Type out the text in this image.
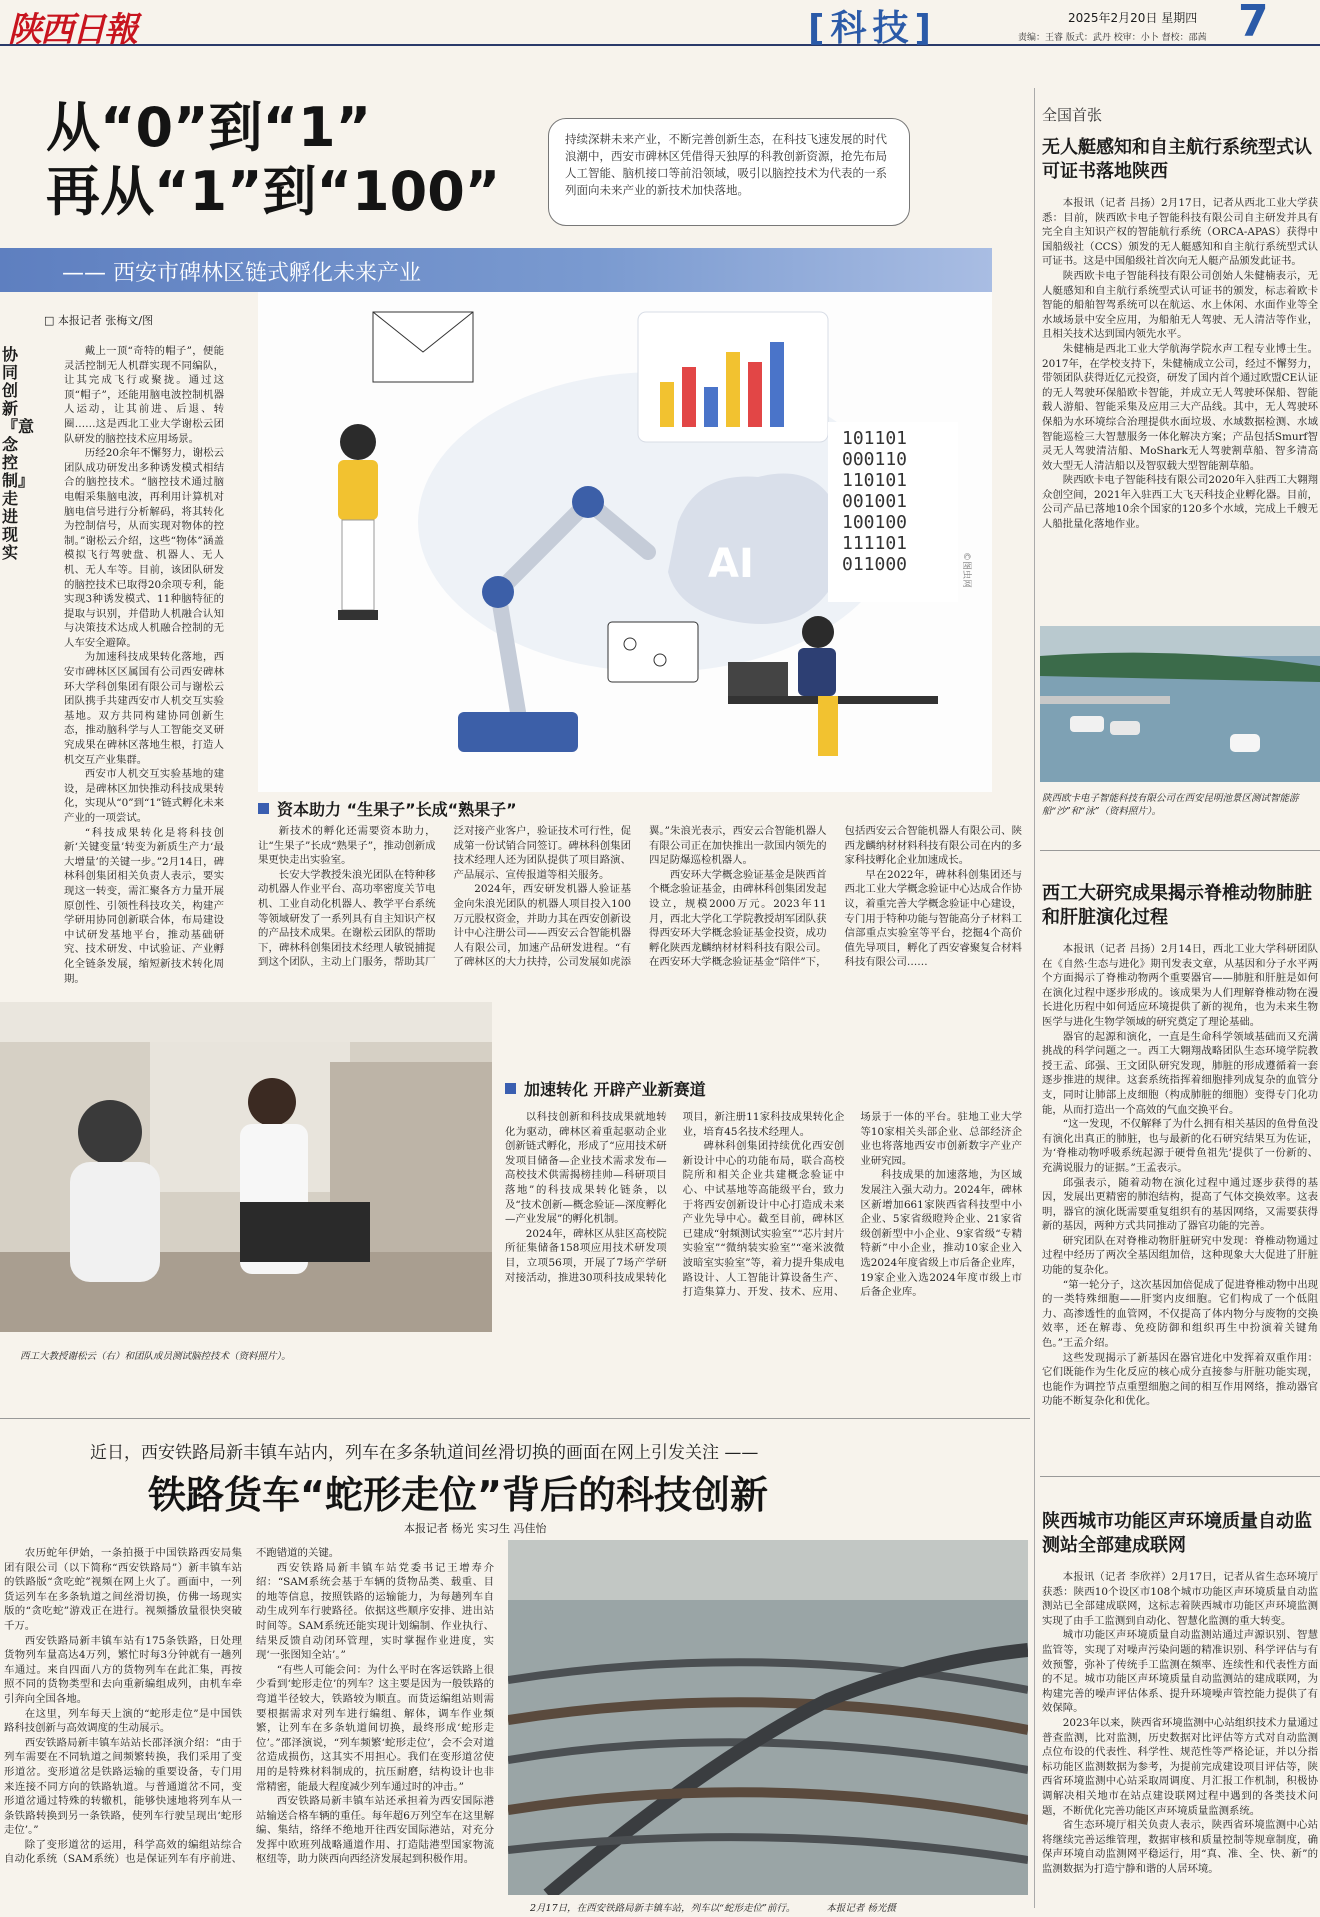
陕西日報	[科技]	2025年2月20日 星期四
责编：王睿 版式：武丹 校审：小卜 督校：邵茜 7
从“0”到“1”
再从“1”到“100”
持续深耕未来产业，不断完善创新生态，在科技飞速发展的时代浪潮中，西安市碑林区凭借得天独厚的科教创新资源，抢先布局人工智能、脑机接口等前沿领域，吸引以脑控技术为代表的一系列面向未来产业的新技术加快落地。
—— 西安市碑林区链式孵化未来产业
AI
101101
000110
110101
001001
100100
111101
011000	©图虫网
□ 本报记者 张梅文/图
协同创新 『意念控制』走进现实

戴上一顶“奇特的帽子”，便能灵活控制无人机群实现不同编队，让其完成飞行或聚拢。通过这顶“帽子”，还能用脑电波控制机器人运动，让其前进、后退、转圈……这是西北工业大学谢松云团队研发的脑控技术应用场景。

历经20余年不懈努力，谢松云团队成功研发出多种诱发模式相结合的脑控技术。“脑控技术通过脑电帽采集脑电波，再利用计算机对脑电信号进行分析解码，将其转化为控制信号，从而实现对物体的控制。”谢松云介绍，这些“物体”涵盖模拟飞行驾驶盘、机器人、无人机、无人车等。目前，该团队研发的脑控技术已取得20余项专利，能实现3种诱发模式、11种脑特征的提取与识别，并借助人机融合认知与决策技术达成人机融合控制的无人车安全避障。

为加速科技成果转化落地，西安市碑林区区属国有公司西安碑林环大学科创集团有限公司与谢松云团队携手共建西安市人机交互实验基地。双方共同构建协同创新生态，推动脑科学与人工智能交叉研究成果在碑林区落地生根，打造人机交互产业集群。

西安市人机交互实验基地的建设，是碑林区加快推动科技成果转化，实现从“0”到“1”链式孵化未来产业的一项尝试。

“科技成果转化是将科技创新‘关键变量’转变为新质生产力‘最大增量’的关键一步。”2月14日，碑林科创集团相关负责人表示，要实现这一转变，需汇聚各方力量开展原创性、引领性科技攻关，构建产学研用协同创新联合体，布局建设中试研发基地平台，推动基础研究、技术研发、中试验证、产业孵化全链条发展，缩短新技术转化周期。

资本助力 “生果子”长成“熟果子”

新技术的孵化还需要资本助力，让“生果子”长成“熟果子”，推动创新成果更快走出实验室。

长安大学教授朱浪光团队在特种移动机器人作业平台、高功率密度关节电机、工业自动化机器人、教学平台系统等领域研发了一系列具有自主知识产权的产品技术成果。在谢松云团队的帮助下，碑林科创集团技术经理人敏锐捕捉到这个团队，主动上门服务，帮助其厂泛对接产业客户，验证技术可行性，促成第一份试销合同签订。碑林科创集团技术经理人还为团队提供了项目路演、产品展示、宣传报道等相关服务。

2024年，西安研发机器人验证基金向朱浪光团队的机器人项目投入100万元股权资金，并助力其在西安创新设计中心注册公司——西安云合智能机器人有限公司，加速产品研发进程。“有了碑林区的大力扶持，公司发展如虎添翼。”朱浪光表示，西安云合智能机器人有限公司正在加快推出一款国内领先的四足防爆巡检机器人。

西安环大学概念验证基金是陕西首个概念验证基金，由碑林科创集团发起设立，规模2000万元。2023年11月，西北大学化工学院教授胡军团队获得西安环大学概念验证基金投资，成功孵化陕西龙麟纳材材料科技有限公司。在西安环大学概念验证基金“陪伴”下，包括西安云合智能机器人有限公司、陕西龙麟纳材材料科技有限公司在内的多家科技孵化企业加速成长。

早在2022年，碑林科创集团还与西北工业大学概念验证中心达成合作协议，着重完善大学概念验证中心建设，专门用于特种功能与智能高分子材料工信部重点实验室等平台，挖掘4个高价值先导项目，孵化了西安睿聚复合材料科技有限公司……

西工大教授谢松云（右）和团队成员测试脑控技术（资料照片）。
加速转化 开辟产业新赛道

以科技创新和科技成果就地转化为驱动，碑林区着重起驱动企业创新链式孵化，形成了“应用技术研发项目储备—企业技术需求发布—高校技术供需揭榜挂帅—科研项目落地”的科技成果转化链条，以及“技术创新—概念验证—深度孵化—产业发展”的孵化机制。

2024年，碑林区从驻区高校院所征集储备158项应用技术研发项目，立项56项，开展了7场产学研对接活动，推进30项科技成果转化项目，新注册11家科技成果转化企业，培育45名技术经理人。

碑林科创集团持续优化西安创新设计中心的功能布局，联合高校院所和相关企业共建概念验证中心、中试基地等高能级平台，致力于将西安创新设计中心打造成未来产业先导中心。截至目前，碑林区已建成“射频测试实验室”“芯片封片实验室”“微纳装实验室”“毫米波微波暗室实验室”等，着力提升集成电路设计、人工智能计算设备生产、打造集算力、开发、技术、应用、场景于一体的平台。驻地工业大学等10家相关头部企业、总部经济企业也将落地西安市创新数字产业产业研究园。

科技成果的加速落地，为区域发展注入强大动力。2024年，碑林区新增加661家陕西省科技型中小企业、5家省级瞪羚企业、21家省级创新型中小企业、9家省级“专精特新”中小企业，推动10家企业入选2024年度省级上市后备企业库，19家企业入选2024年度市级上市后备企业库。

近日，西安铁路局新丰镇车站内，列车在多条轨道间丝滑切换的画面在网上引发关注 ——
铁路货车“蛇形走位”背后的科技创新
本报记者 杨光 实习生 冯佳怡

农历蛇年伊始，一条拍摄于中国铁路西安局集团有限公司（以下简称“西安铁路局”）新丰镇车站的铁路版“贪吃蛇”视频在网上火了。画面中，一列货运列车在多条轨道之间丝滑切换，仿佛一场现实版的“贪吃蛇”游戏正在进行。视频播放量很快突破千万。

西安铁路局新丰镇车站有175条铁路，日处理货物列车量高达4万列，繁忙时每3分钟就有一趟列车通过。来自四面八方的货物列车在此汇集，再按照不同的货物类型和去向重新编组成列，由机车牵引奔向全国各地。

在这里，列车每天上演的“蛇形走位”是中国铁路科技创新与高效调度的生动展示。

西安铁路局新丰镇车站站长邵泽演介绍：“由于列车需要在不同轨道之间频繁转换，我们采用了变形道岔。变形道岔是铁路运输的重要设备，专门用来连接不同方向的铁路轨道。与普通道岔不同，变形道岔通过特殊的转辙机，能够快速地将列车从一条铁路转换到另一条铁路，使列车行驶呈现出‘蛇形走位’。”

除了变形道岔的运用，科学高效的编组站综合自动化系统（SAM系统）也是保证列车有序前进、不跑错道的关键。

西安铁路局新丰镇车站党委书记王增寿介绍：“SAM系统会基于车辆的货物品类、载重、目的地等信息，按照铁路的运输能力，为每趟列车自动生成列车行驶路径。依据这些顺序安排、进出站时间等。SAM系统还能实现计划编制、作业执行、结果反馈自动闭环管理，实时掌握作业进度，实现‘一张图知全站’。”

“有些人可能会问：为什么平时在客运铁路上很少看到‘蛇形走位’的列车？这主要是因为一般铁路的弯道半径较大，铁路较为顺直。而货运编组站则需要根据需求对列车进行编组、解体，调车作业频繁，让列车在多条轨道间切换，最终形成‘蛇形走位’。”邵泽演说，“列车频繁‘蛇形走位’，会不会对道岔造成损伤，这其实不用担心。我们在变形道岔使用的是特殊材料制成的，抗压耐磨，结构设计也非常精密，能最大程度减少列车通过时的冲击。”

西安铁路局新丰镇车站还承担着为西安国际港站输送合格车辆的重任。每年超6万列空车在这里解编、集结，络绎不绝地开往西安国际港站，对充分发挥中欧班列战略通道作用、打造陆港型国家物流枢纽等，助力陕西向西经济发展起到积极作用。

2月17日，在西安铁路局新丰镇车站，列车以“蛇形走位”前行。	本报记者 杨光摄
全国首张
无人艇感知和自主航行系统型式认可证书落地陕西

本报讯（记者 吕扬）2月17日，记者从西北工业大学获悉：目前，陕西欧卡电子智能科技有限公司自主研发并具有完全自主知识产权的智能航行系统（ORCA-APAS）获得中国船级社（CCS）颁发的无人艇感知和自主航行系统型式认可证书。这是中国船级社首次向无人艇产品颁发此证书。

陕西欧卡电子智能科技有限公司创始人朱健楠表示，无人艇感知和自主航行系统型式认可证书的颁发，标志着欧卡智能的船舶智驾系统可以在航运、水上休闲、水面作业等全水域场景中安全应用，为船舶无人驾驶、无人清洁等作业，且相关技术达到国内领先水平。

朱健楠是西北工业大学航海学院水声工程专业博士生。2017年，在学校支持下，朱健楠成立公司，经过不懈努力，带领团队获得近亿元投资，研发了国内首个通过欧盟CE认证的无人驾驶环保船欧卡智能，并成立无人驾驶环保船、智能载人游船、智能采集及应用三大产品线。其中，无人驾驶环保船为水环境综合治理提供水面垃圾、水域数据检测、水域智能巡检三大智慧服务一体化解决方案；产品包括Smurf智灵无人驾驶清洁船、MoShark无人驾驶割草船、智多清高效大型无人清洁船以及智驭载大型智能割草船。

陕西欧卡电子智能科技有限公司2020年入驻西工大翱翔众创空间，2021年入驻西工大飞天科技企业孵化器。目前，公司产品已落地10余个国家的120多个水域，完成上千艘无人船批量化落地作业。

陕西欧卡电子智能科技有限公司在西安昆明池景区测试智能游船“沙”和“泳”（资料照片）。
西工大研究成果揭示脊椎动物肺脏和肝脏演化过程

本报讯（记者 吕扬）2月14日，西北工业大学科研团队在《自然·生态与进化》期刊发表文章，从基因和分子水平两个方面揭示了脊椎动物两个重要器官——肺脏和肝脏是如何在演化过程中逐步形成的。该成果为人们理解脊椎动物在漫长进化历程中如何适应环境提供了新的视角，也为未来生物医学与进化生物学领域的研究奠定了理论基础。

器官的起源和演化，一直是生命科学领域基础而又充满挑战的科学问题之一。西工大翱翔战略团队生态环境学院教授王孟、邱强、王文团队研究发现，肺脏的形成遵循着一套逐步推进的规律。这套系统指挥着细胞排列成复杂的血管分支，同时让肺部上皮细胞（构成肺脏的细胞）变得专门化功能，从而打造出一个高效的气血交换平台。

“这一发现，不仅解释了为什么拥有相关基因的鱼骨鱼没有演化出真正的肺脏，也与最新的化石研究结果互为佐证，为‘脊椎动物呼吸系统起源于硬骨鱼祖先’提供了一份新的、充满说服力的证据。”王孟表示。

邱强表示，随着动物在演化过程中通过逐步获得的基因，发展出更精密的肺泡结构，提高了气体交换效率。这表明，器官的演化既需要重复组织有的基因网络，又需要获得新的基因，两种方式共同推动了器官功能的完善。

研究团队在对脊椎动物肝脏研究中发现：脊椎动物通过过程中经历了两次全基因组加倍，这种现象大大促进了肝脏功能的复杂化。

“第一轮分子，这次基因加倍促成了促进脊椎动物中出现的一类特殊细胞——肝窦内皮细胞。它们构成了一个低阻力、高渗透性的血管网，不仅提高了体内物分与废物的交换效率，还在解毒、免疫防御和组织再生中扮演着关键角色。”王孟介绍。

这些发现揭示了新基因在器官进化中发挥着双重作用：它们既能作为生化反应的核心成分直接参与肝脏功能实现，也能作为调控节点重塑细胞之间的相互作用网络，推动器官功能不断复杂化和优化。

陕西城市功能区声环境质量自动监测站全部建成联网

本报讯（记者 李欣祥）2月17日，记者从省生态环境厅获悉：陕西10个设区市108个城市功能区声环境质量自动监测站已全部建成联网，这标志着陕西城市功能区声环境监测实现了由手工监测到自动化、智慧化监测的重大转变。

城市功能区声环境质量自动监测站通过声源识别、智慧监管等，实现了对噪声污染问题的精准识别、科学评估与有效预警，弥补了传统手工监测在频率、连续性和代表性方面的不足。城市功能区声环境质量自动监测站的建成联网，为构建完善的噪声评估体系、提升环境噪声管控能力提供了有效保障。

2023年以来，陕西省环境监测中心站组织技术力量通过普查监测，比对监测，历史数据对比评估等方式对自动监测点位布设的代表性、科学性、规范性等严格论证，并以分指标功能区监测数据为参考，为提前完成建设项目评估等，陕西省环境监测中心站采取周调度、月汇报工作机制，积极协调解决相关地市在站点建设联网过程中遇到的各类技术问题，不断优化完善功能区声环境质量监测系统。

省生态环境厅相关负责人表示，陕西省环境监测中心站将继续完善运维管理，数据审核和质量控制等规章制度，确保声环境自动监测网平稳运行，用“真、准、全、快、新”的监测数据为打造宁静和谐的人居环境。
